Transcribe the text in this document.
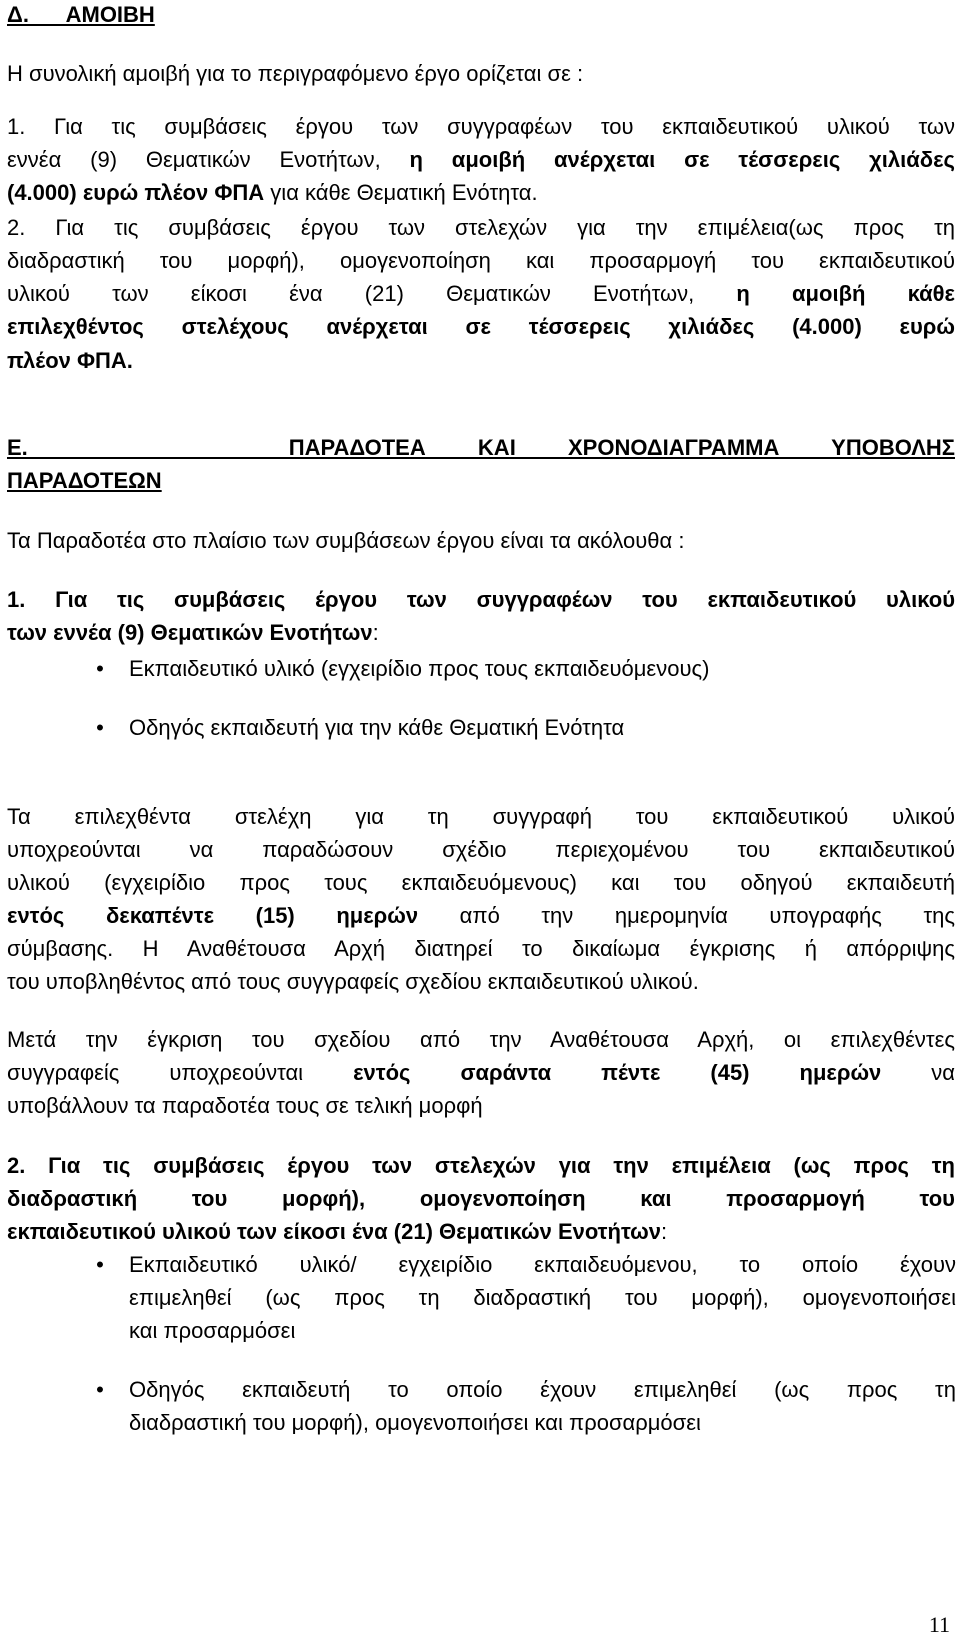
Δ.      ΑΜΟΙΒΗ
Η συνολική αμοιβή για το περιγραφόμενο έργο ορίζεται σε :
1. Για τις συμβάσεις έργου των συγγραφέων του εκπαιδευτικού υλικού των
εννέα (9) Θεματικών Ενοτήτων, η αμοιβή ανέρχεται σε τέσσερεις χιλιάδες
(4.000) ευρώ πλέον ΦΠΑ για κάθε Θεματική Ενότητα.
2. Για τις συμβάσεις έργου των στελεχών για την επιμέλεια(ως προς τη
διαδραστική του μορφή), ομογενοποίηση και προσαρμογή του εκπαιδευτικού
υλικού των είκοσι ένα (21) Θεματικών Ενοτήτων, η αμοιβή κάθε
επιλεχθέντος στελέχους ανέρχεται σε τέσσερεις χιλιάδες (4.000) ευρώ
πλέον ΦΠΑ.
Ε.     ΠΑΡΑΔΟΤΕΑ ΚΑΙ ΧΡΟΝΟΔΙΑΓΡΑΜΜΑ ΥΠΟΒΟΛΗΣ
ΠΑΡΑΔΟΤΕΩΝ
Τα Παραδοτέα στο πλαίσιο των συμβάσεων έργου είναι τα ακόλουθα :
1. Για τις συμβάσεις έργου των συγγραφέων του εκπαιδευτικού υλικού
των εννέα (9) Θεματικών Ενοτήτων:
•	Εκπαιδευτικό υλικό (εγχειρίδιο προς τους εκπαιδευόμενους)
•	Οδηγός εκπαιδευτή για την κάθε Θεματική Ενότητα
Τα επιλεχθέντα στελέχη για τη συγγραφή του εκπαιδευτικού υλικού
υποχρεούνται να παραδώσουν σχέδιο περιεχομένου του εκπαιδευτικού
υλικού (εγχειρίδιο προς τους εκπαιδευόμενους) και του οδηγού εκπαιδευτή
εντός δεκαπέντε (15) ημερών από την ημερομηνία υπογραφής της
σύμβασης. Η Αναθέτουσα Αρχή διατηρεί το δικαίωμα έγκρισης ή απόρριψης
του υποβληθέντος από τους συγγραφείς σχεδίου εκπαιδευτικού υλικού.
Μετά την έγκριση του σχεδίου από την Αναθέτουσα Αρχή, οι επιλεχθέντες
συγγραφείς υποχρεούνται εντός σαράντα πέντε (45) ημερών να
υποβάλλουν τα παραδοτέα τους σε τελική μορφή
2. Για τις συμβάσεις έργου των στελεχών για την επιμέλεια (ως προς τη
διαδραστική του μορφή), ομογενοποίηση και προσαρμογή του
εκπαιδευτικού υλικού των είκοσι ένα (21) Θεματικών Ενοτήτων:
•	Εκπαιδευτικό υλικό/ εγχειρίδιο εκπαιδευόμενου, το οποίο έχουν
επιμεληθεί (ως προς τη διαδραστική του μορφή), ομογενοποιήσει
και προσαρμόσει
•	Οδηγός εκπαιδευτή το οποίο έχουν επιμεληθεί (ως προς τη
διαδραστική του μορφή), ομογενοποιήσει και προσαρμόσει
11
